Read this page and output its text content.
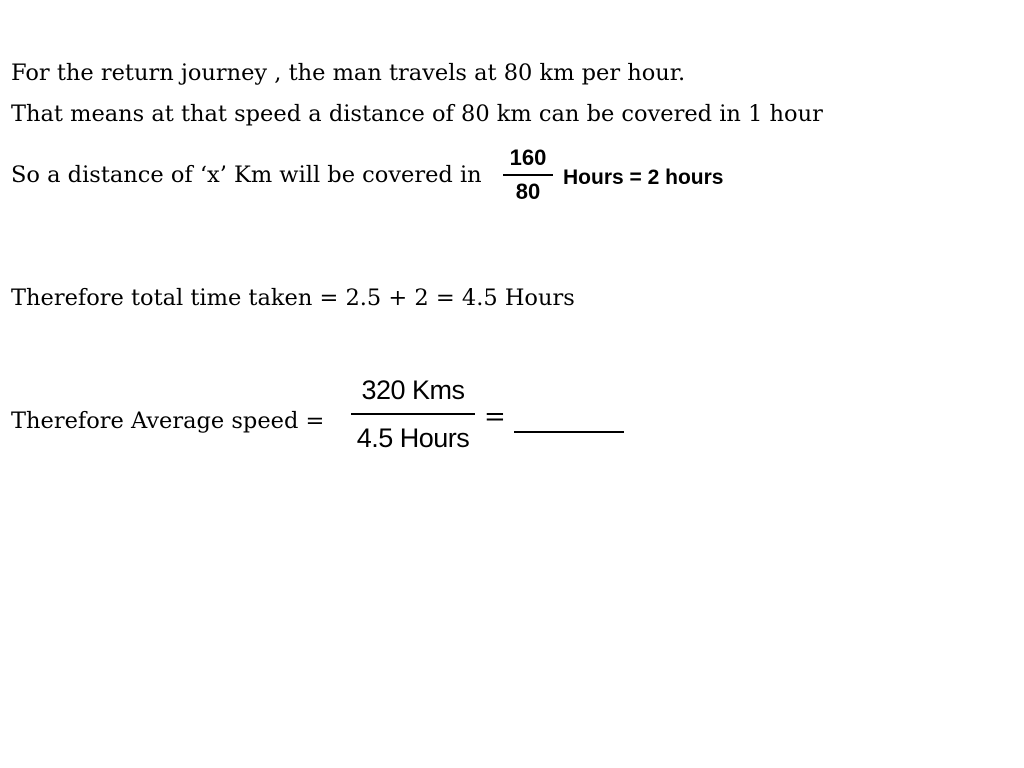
For the return journey , the man travels at 80 km per hour.
That means at that speed a distance of 80 km can be covered in 1 hour
So a distance of ‘x’ Km will be covered in
160
80
Hours = 2 hours
Therefore total time taken = 2.5 + 2 = 4.5 Hours
Therefore Average speed =
320 Kms
4.5 Hours
=
